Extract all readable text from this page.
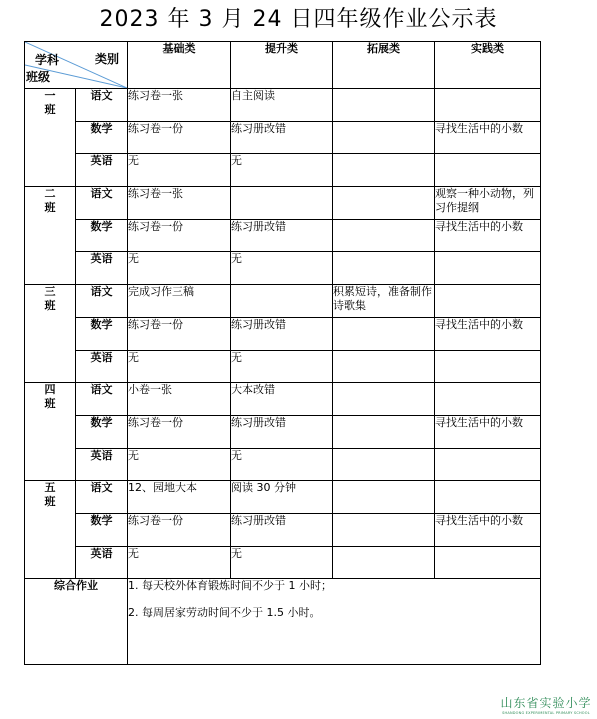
2023 年 3 月 24 日四年级作业公示表
类别
学科
班级		基础类	提升类	拓展类	实践类
一
班	语文	练习卷一张	自主阅读		
	数学	练习卷一份	练习册改错		寻找生活中的小数
	英语	无	无		
二
班	语文	练习卷一张			观察一种小动物，列习作提纲
	数学	练习卷一份	练习册改错		寻找生活中的小数
	英语	无	无		
三
班	语文	完成习作三稿		积累短诗，准备制作诗歌集	
	数学	练习卷一份	练习册改错		寻找生活中的小数
	英语	无	无		
四
班	语文	小卷一张	大本改错		
	数学	练习卷一份	练习册改错		寻找生活中的小数
	英语	无	无		
五
班	语文	12、园地大本	阅读 30 分钟		
	数学	练习卷一份	练习册改错		寻找生活中的小数
	英语	无	无		
综合作业		1. 每天校外体育锻炼时间不少于 1 小时；

2. 每周居家劳动时间不少于 1.5 小时。			

山东省实验小学
SHANDONG EXPERIMENTAL PRIMARY SCHOOL
